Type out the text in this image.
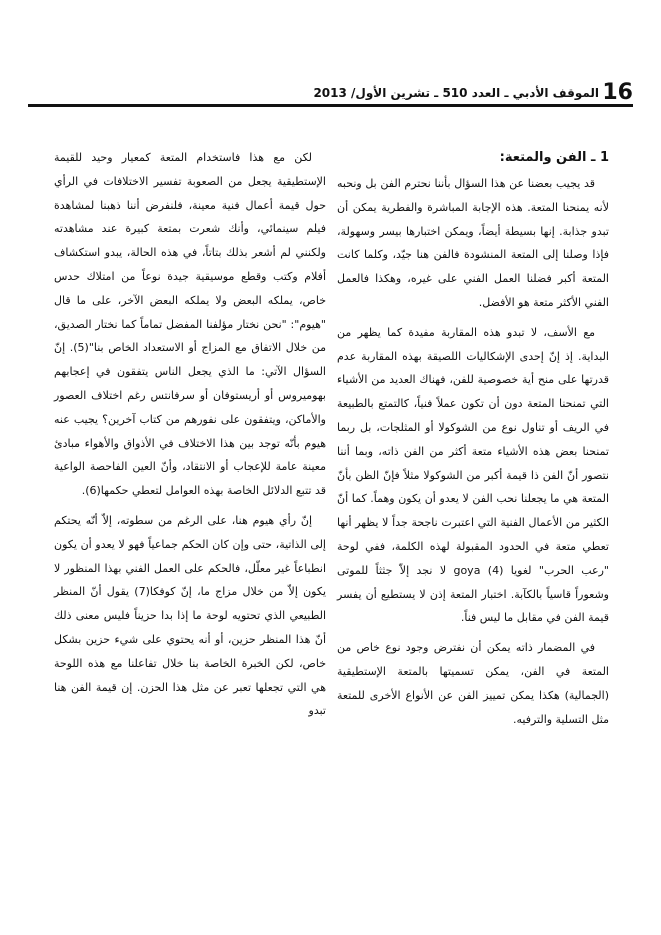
16
الموقف الأدبي ـ العدد 510 ـ تشرين الأول/ 2013
1 ـ الفن والمتعة:

قد يجيب بعضنا عن هذا السؤال بأننا نحترم الفن بل ونحبه لأنه يمنحنا المتعة. هذه الإجابة المباشرة والفطرية يمكن أن تبدو جذابة. إنها بسيطة أيضاً، ويمكن اختبارها بيسر وسهولة، فإذا وصلنا إلى المتعة المنشودة فالفن هنا جيّد، وكلما كانت المتعة أكبر فضلنا العمل الفني على غيره، وهكذا فالعمل الفني الأكثر متعة هو الأفضل.

مع الأسف، لا تبدو هذه المقاربة مفيدة كما يظهر من البداية. إذ إنّ إحدى الإشكاليات اللصيقة بهذه المقاربة عدم قدرتها على منح أية خصوصية للفن، فهناك العديد من الأشياء التي تمنحنا المتعة دون أن تكون عملاً فنياً، كالتمتع بالطبيعة في الريف أو تناول نوع من الشوكولا أو المثلجات، بل ربما تمنحنا بعض هذه الأشياء متعة أكثر من الفن ذاته، وبما أننا نتصور أنّ الفن ذا قيمة أكبر من الشوكولا مثلاً فإنّ الظن بأنّ المتعة هي ما يجعلنا نحب الفن لا يعدو أن يكون وهماً. كما أنّ الكثير من الأعمال الفنية التي اعتبرت ناجحة جداً لا يظهر أنها تعطي متعة في الحدود المقبولة لهذه الكلمة، ففي لوحة "رعب الحرب" لغويا goya (4) لا نجد إلاّ جثثاً للموتى وشعوراً قاسياً بالكآبة. اختبار المتعة إذن لا يستطيع أن يفسر قيمة الفن في مقابل ما ليس فناً.

في المضمار ذاته يمكن أن نفترض وجود نوع خاص من المتعة في الفن، يمكن تسميتها بالمتعة الإستطيقية (الجمالية) هكذا يمكن تمييز الفن عن الأنواع الأخرى للمتعة مثل التسلية والترفيه.

لكن مع هذا فاستخدام المتعة كمعيار وحيد للقيمة الإستطيقية يجعل من الصعوبة تفسير الاختلافات في الرأي حول قيمة أعمال فنية معينة، فلنفرض أننا ذهبنا لمشاهدة فيلم سينمائي، وأنك شعرت بمتعة كبيرة عند مشاهدته ولكنني لم أشعر بذلك بتاتاً، في هذه الحالة، يبدو استكشاف أفلام وكتب وقطع موسيقية جيدة نوعاً من امتلاك حدس خاص، يملكه البعض ولا يملكه البعض الآخر، على ما قال "هيوم": "نحن نختار مؤلفنا المفضل تماماً كما نختار الصديق، من خلال الاتفاق مع المزاج أو الاستعداد الخاص بنا"(5). إنّ السؤال الآتي: ما الذي يجعل الناس يتفقون في إعجابهم بهوميروس أو أريستوفان أو سرفانتس رغم اختلاف العصور والأماكن، ويتفقون على نفورهم من كتاب آخرين؟ يجيب عنه هيوم بأنّه توجد بين هذا الاختلاف في الأذواق والأهواء مبادئ معينة عامة للإعجاب أو الانتقاد، وأنّ العين الفاحصة الواعية قد تتبع الدلائل الخاصة بهذه العوامل لتعطي حكمها(6).

إنّ رأي هيوم هنا، على الرغم من سطوته، إلاّ أنّه يحتكم إلى الذاتية، حتى وإن كان الحكم جماعياً فهو لا يعدو أن يكون انطباعاً غير معلّل، فالحكم على العمل الفني بهذا المنظور لا يكون إلاّ من خلال مزاج ما، إنّ كوفكا(7) يقول أنّ المنظر الطبيعي الذي تحتويه لوحة ما إذا بدا حزيناً فليس معنى ذلك أنّ هذا المنظر حزين، أو أنه يحتوي على شيء حزين بشكل خاص، لكن الخبرة الخاصة بنا خلال تفاعلنا مع هذه اللوحة هي التي تجعلها تعبر عن مثل هذا الحزن. إن قيمة الفن هنا تبدو
